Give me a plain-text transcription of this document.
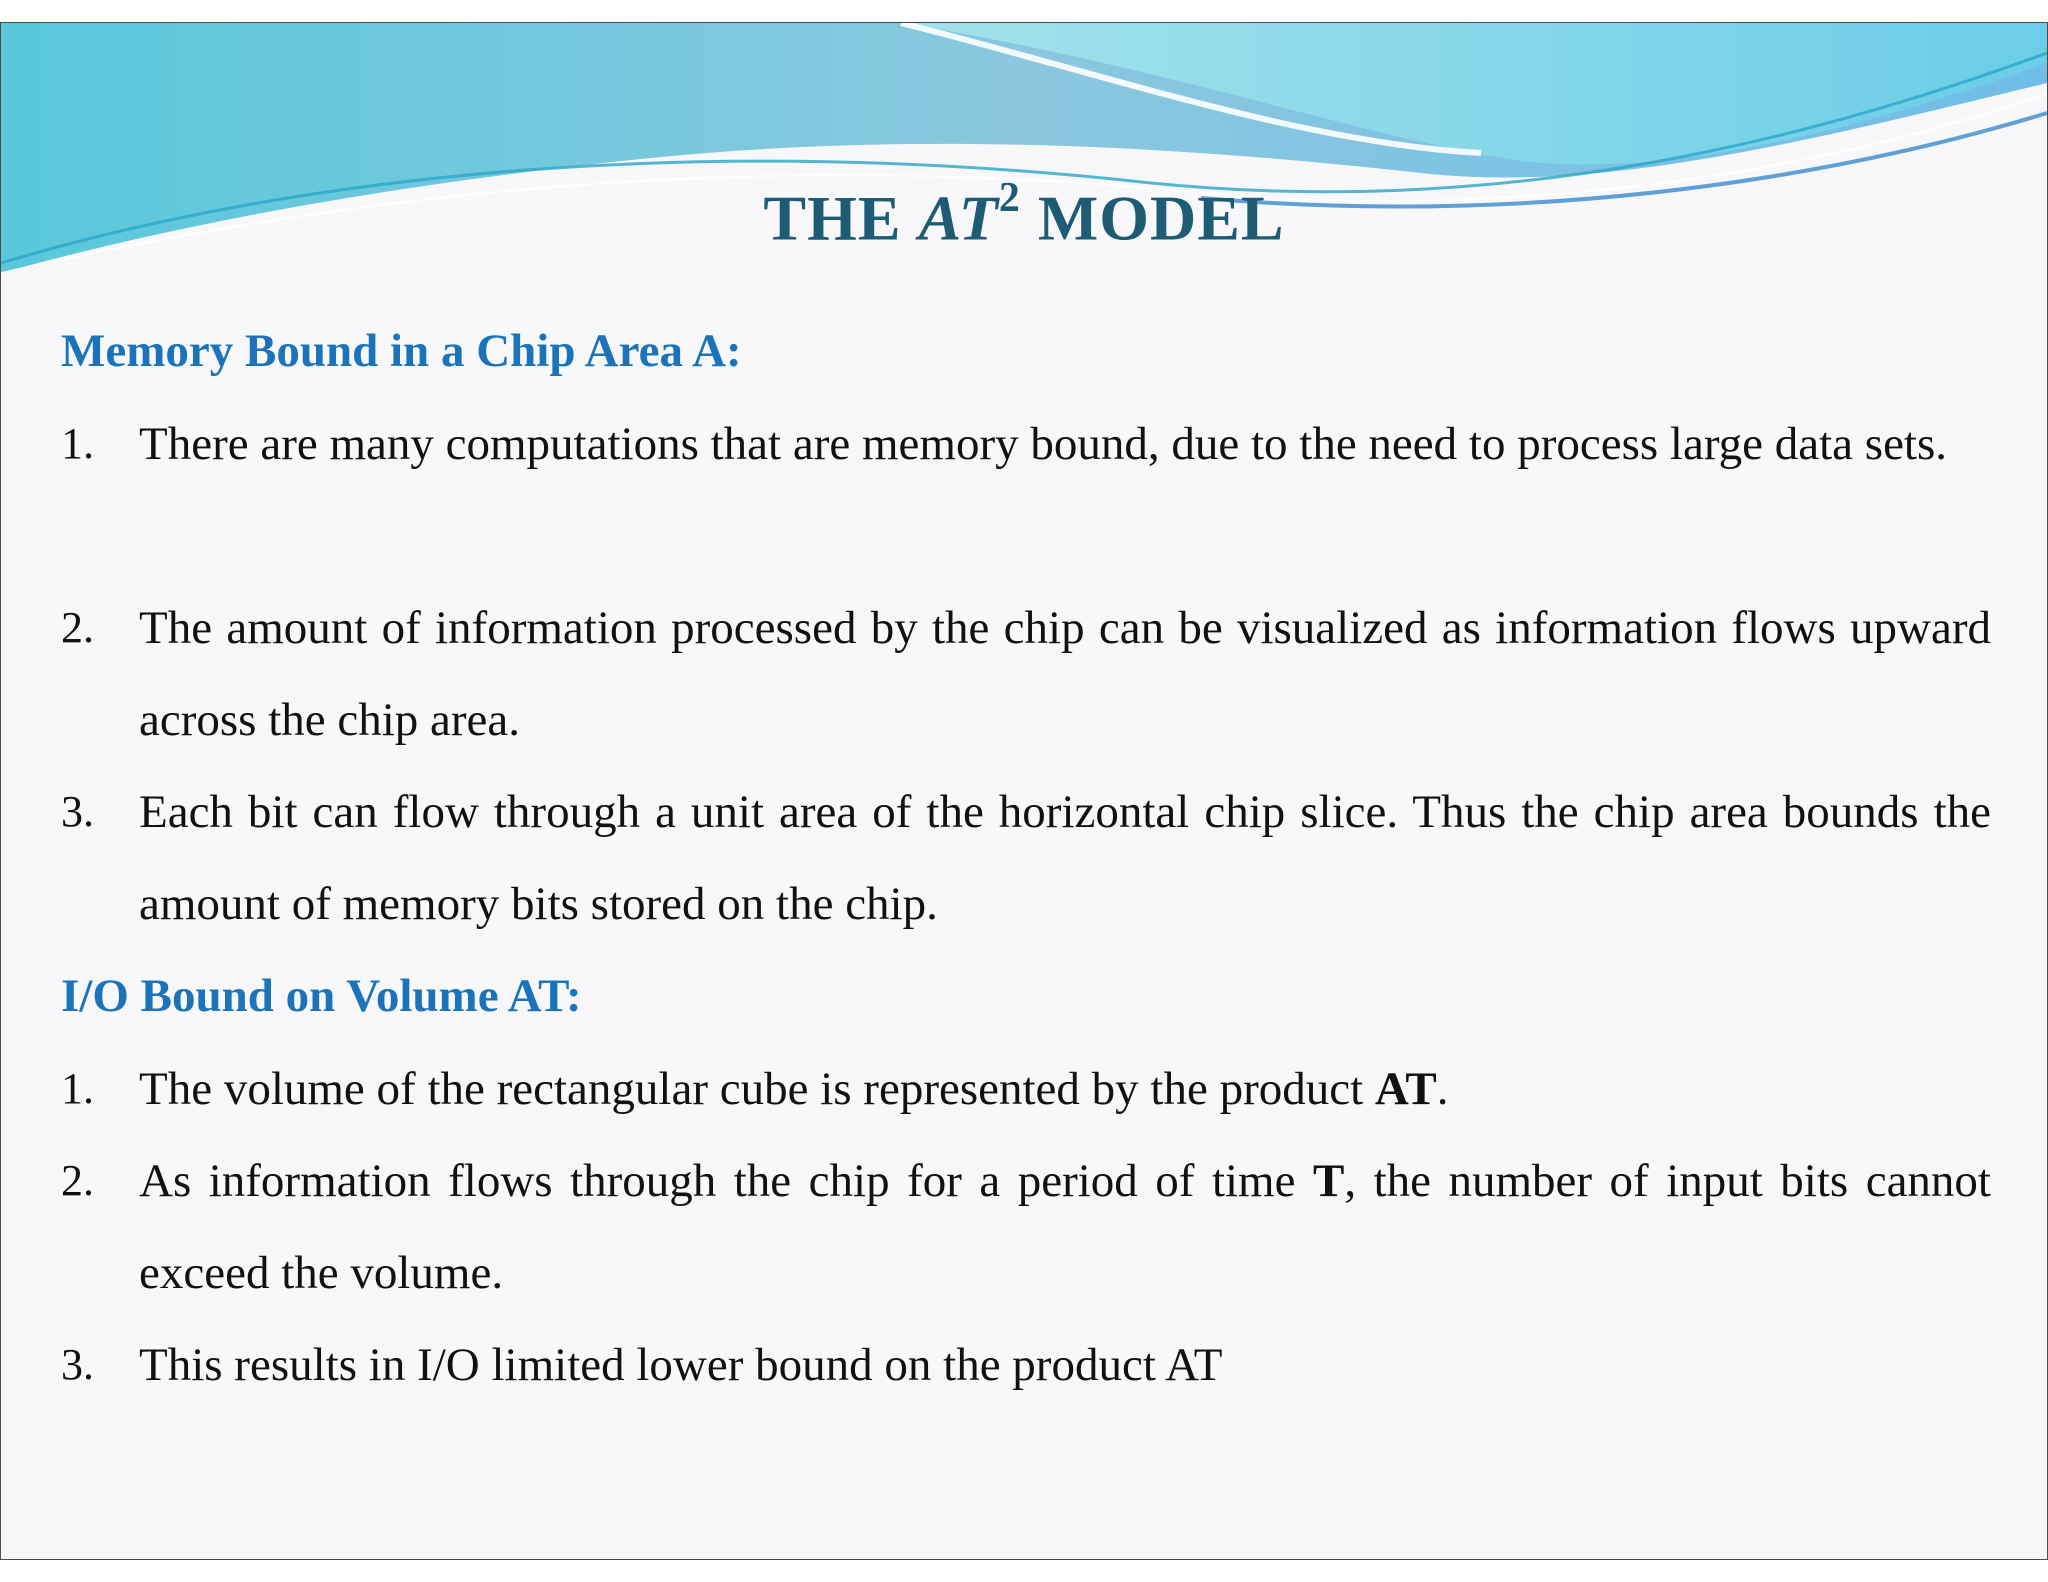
THE $AT^2$ MODEL
Memory Bound in a Chip Area A:
1. There are many computations that are memory bound, due to the need to process large data sets.
2. The amount of information processed by the chip can be visualized as information flows upward across the chip area.
3. Each bit can flow through a unit area of the horizontal chip slice. Thus the chip area bounds the amount of memory bits stored on the chip.
I/O Bound on Volume AT:
1. The volume of the rectangular cube is represented by the product AT.
2. As information flows through the chip for a period of time T, the number of input bits cannot exceed the volume.
3. This results in I/O limited lower bound on the product AT
